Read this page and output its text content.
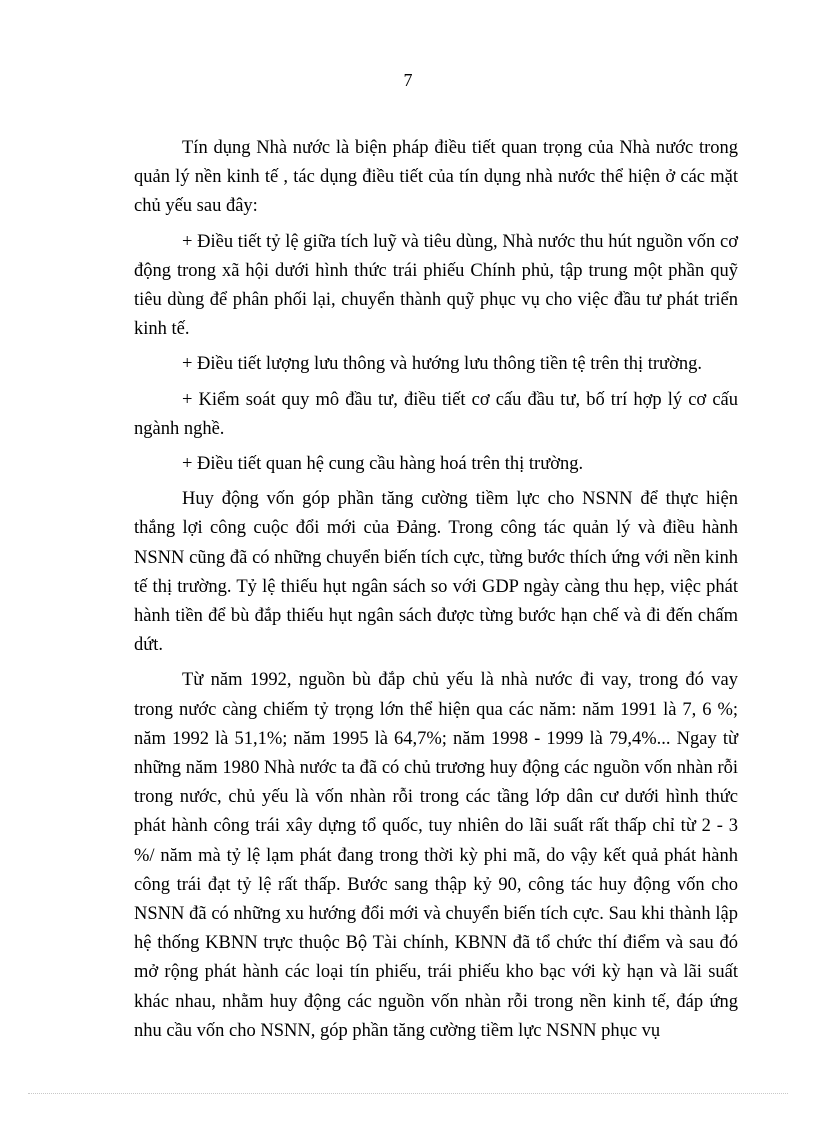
7

Tín dụng Nhà nước là biện pháp điều tiết quan trọng của Nhà nước trong quản lý nền kinh tế , tác dụng điều tiết của tín dụng nhà nước thể hiện ở các mặt chủ yếu sau đây:

+ Điều tiết tỷ lệ giữa tích luỹ và tiêu dùng, Nhà nước thu hút nguồn vốn cơ động trong xã hội dưới hình thức trái phiếu Chính phủ, tập trung một phần quỹ tiêu dùng để phân phối lại, chuyển thành quỹ phục vụ cho việc đầu tư phát triển kinh tế.

+ Điều tiết lượng lưu thông và hướng lưu thông tiền tệ trên thị trường.

+ Kiểm soát quy mô đầu tư, điều tiết cơ cấu đầu tư, bố trí hợp lý cơ cấu ngành nghề.

+ Điều tiết quan hệ cung cầu hàng hoá trên thị trường.

Huy động vốn góp phần tăng cường tiềm lực cho NSNN để thực hiện thắng lợi công cuộc đổi mới của Đảng. Trong công tác quản lý và điều hành NSNN cũng đã có những chuyển biến tích cực, từng bước thích ứng với nền kinh tế thị trường. Tỷ lệ thiếu hụt ngân sách so với GDP ngày càng thu hẹp, việc phát hành tiền để bù đắp thiếu hụt ngân sách được từng bước hạn chế và đi đến chấm dứt.

Từ năm 1992, nguồn bù đắp chủ yếu là nhà nước đi vay, trong đó vay trong nước càng chiếm tỷ trọng lớn thể hiện qua các năm: năm 1991 là 7, 6 %; năm 1992 là 51,1%; năm 1995 là 64,7%; năm 1998 - 1999 là 79,4%... Ngay từ những năm 1980 Nhà nước ta đã có chủ trương huy động các nguồn vốn nhàn rỗi trong nước, chủ yếu là vốn nhàn rỗi trong các tầng lớp dân cư dưới hình thức phát hành công trái xây dựng tổ quốc, tuy nhiên do lãi suất rất thấp chỉ từ 2 - 3 %/ năm mà tỷ lệ lạm phát đang trong thời kỳ phi mã, do vậy kết quả phát hành công trái đạt tỷ lệ rất thấp. Bước sang thập kỷ 90, công tác huy động vốn cho NSNN đã có những xu hướng đổi mới và chuyển biến tích cực. Sau khi thành lập hệ thống KBNN trực thuộc Bộ Tài chính, KBNN đã tổ chức thí điểm và sau đó mở rộng phát hành các loại tín phiếu, trái phiếu kho bạc với kỳ hạn và lãi suất khác nhau, nhằm huy động các nguồn vốn nhàn rỗi trong nền kinh tế, đáp ứng nhu cầu vốn cho NSNN, góp phần tăng cường tiềm lực NSNN phục vụ
